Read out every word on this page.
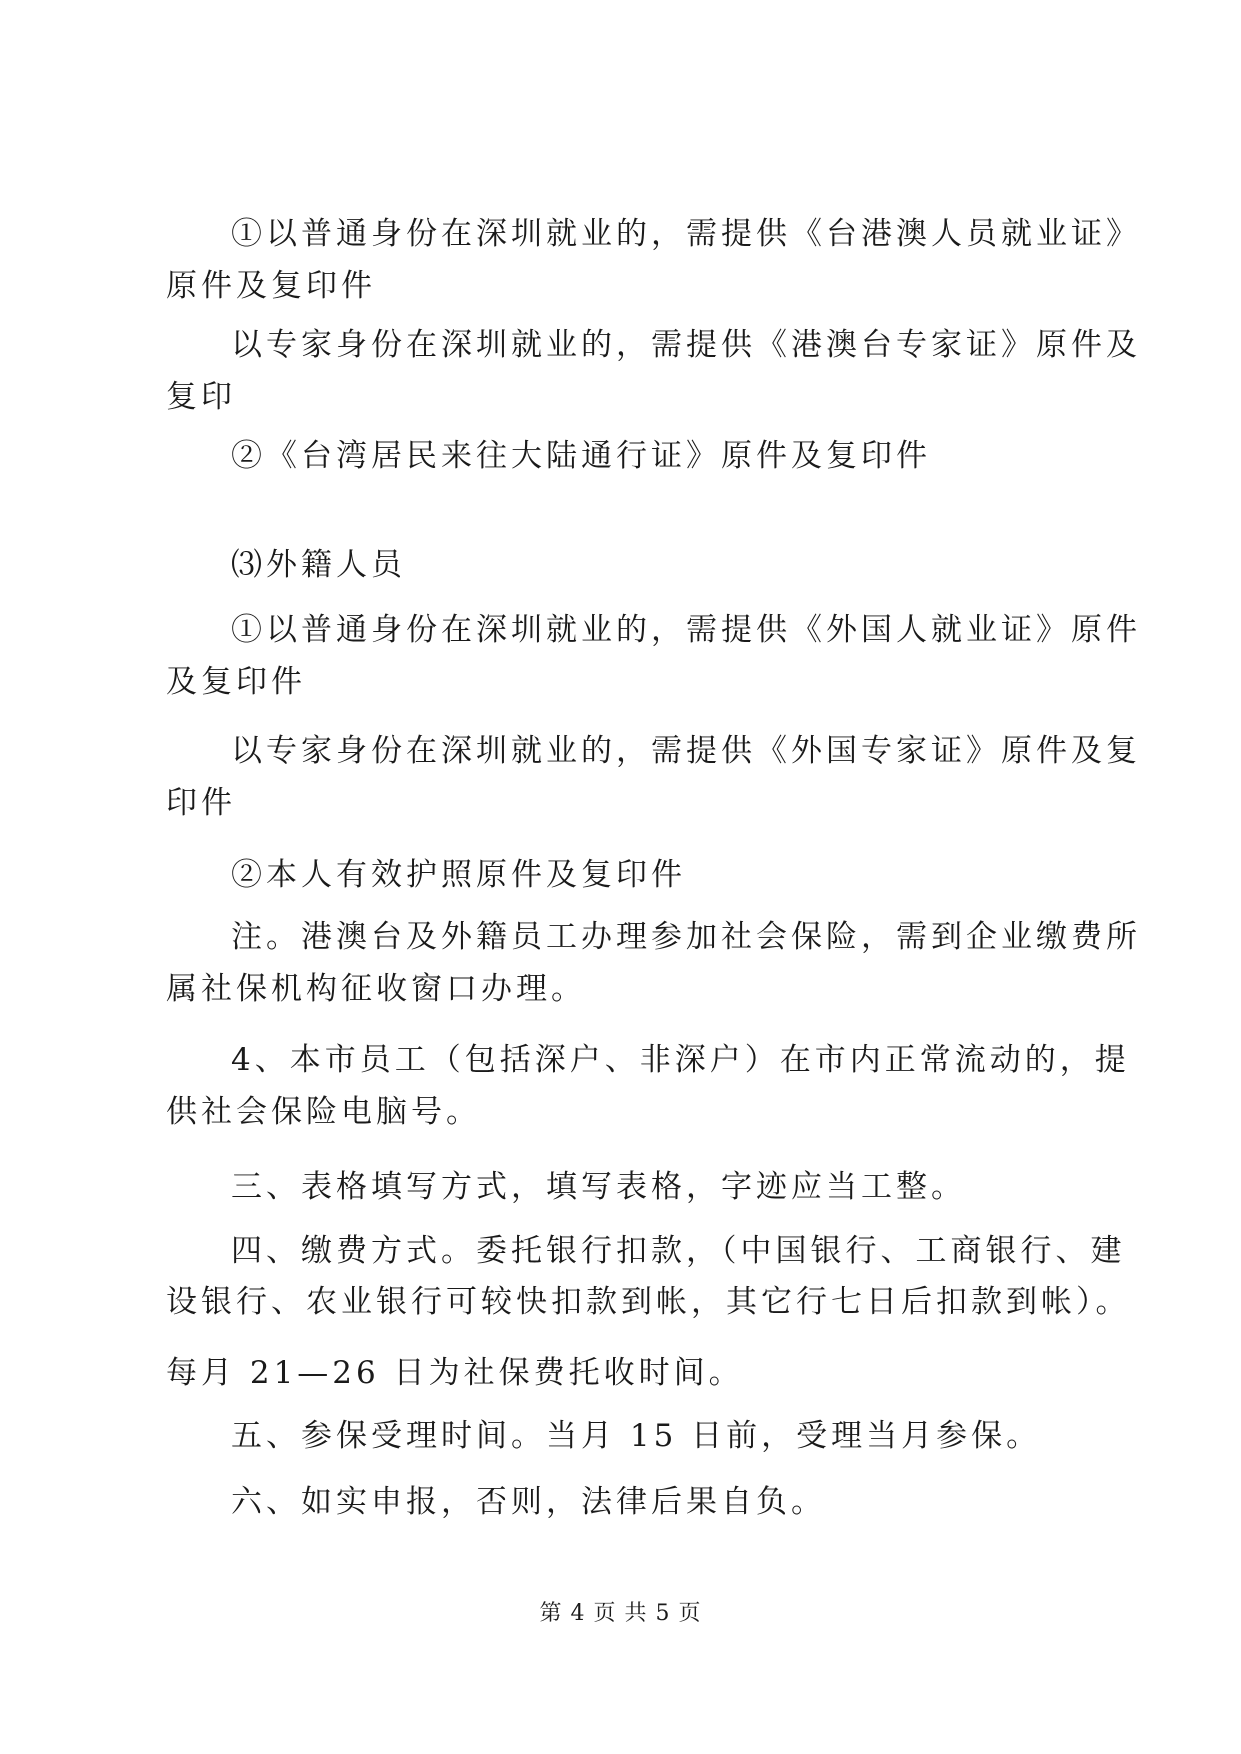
①以普通身份在深圳就业的，需提供《台港澳人员就业证》

原件及复印件

以专家身份在深圳就业的，需提供《港澳台专家证》原件及

复印

②《台湾居民来往大陆通行证》原件及复印件

⑶外籍人员

①以普通身份在深圳就业的，需提供《外国人就业证》原件

及复印件

以专家身份在深圳就业的，需提供《外国专家证》原件及复

印件

②本人有效护照原件及复印件

注。港澳台及外籍员工办理参加社会保险，需到企业缴费所

属社保机构征收窗口办理。

4、本市员工（包括深户、非深户）在市内正常流动的，提

供社会保险电脑号。

三、表格填写方式，填写表格，字迹应当工整。

四、缴费方式。委托银行扣款，（中国银行、工商银行、建

设银行、农业银行可较快扣款到帐，其它行七日后扣款到帐）。

每月 21—26 日为社保费托收时间。

五、参保受理时间。当月 15 日前，受理当月参保。

六、如实申报，否则，法律后果自负。

第 4 页 共 5 页
